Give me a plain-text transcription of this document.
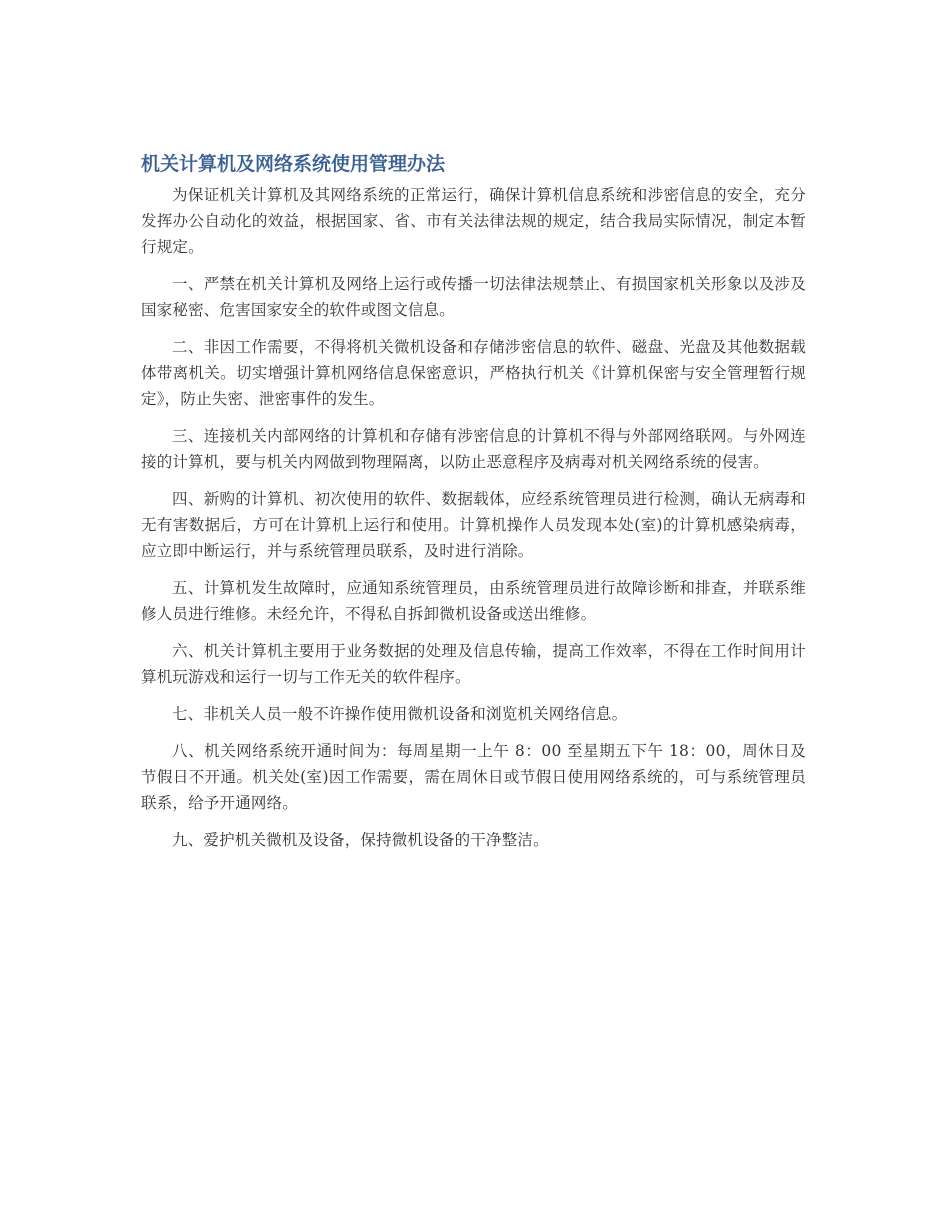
机关计算机及网络系统使用管理办法

为保证机关计算机及其网络系统的正常运行，确保计算机信息系统和涉密信息的安全，充分发挥办公自动化的效益，根据国家、省、市有关法律法规的规定，结合我局实际情况，制定本暂行规定。

一、严禁在机关计算机及网络上运行或传播一切法律法规禁止、有损国家机关形象以及涉及国家秘密、危害国家安全的软件或图文信息。

二、非因工作需要，不得将机关微机设备和存储涉密信息的软件、磁盘、光盘及其他数据载体带离机关。切实增强计算机网络信息保密意识，严格执行机关《计算机保密与安全管理暂行规定》，防止失密、泄密事件的发生。

三、连接机关内部网络的计算机和存储有涉密信息的计算机不得与外部网络联网。与外网连接的计算机，要与机关内网做到物理隔离，以防止恶意程序及病毒对机关网络系统的侵害。

四、新购的计算机、初次使用的软件、数据载体，应经系统管理员进行检测，确认无病毒和无有害数据后，方可在计算机上运行和使用。计算机操作人员发现本处(室)的计算机感染病毒，应立即中断运行，并与系统管理员联系，及时进行消除。

五、计算机发生故障时，应通知系统管理员，由系统管理员进行故障诊断和排查，并联系维修人员进行维修。未经允许，不得私自拆卸微机设备或送出维修。

六、机关计算机主要用于业务数据的处理及信息传输，提高工作效率，不得在工作时间用计算机玩游戏和运行一切与工作无关的软件程序。

七、非机关人员一般不许操作使用微机设备和浏览机关网络信息。

八、机关网络系统开通时间为：每周星期一上午 8：00 至星期五下午 18：00，周休日及节假日不开通。机关处(室)因工作需要，需在周休日或节假日使用网络系统的，可与系统管理员联系，给予开通网络。

九、爱护机关微机及设备，保持微机设备的干净整洁。
